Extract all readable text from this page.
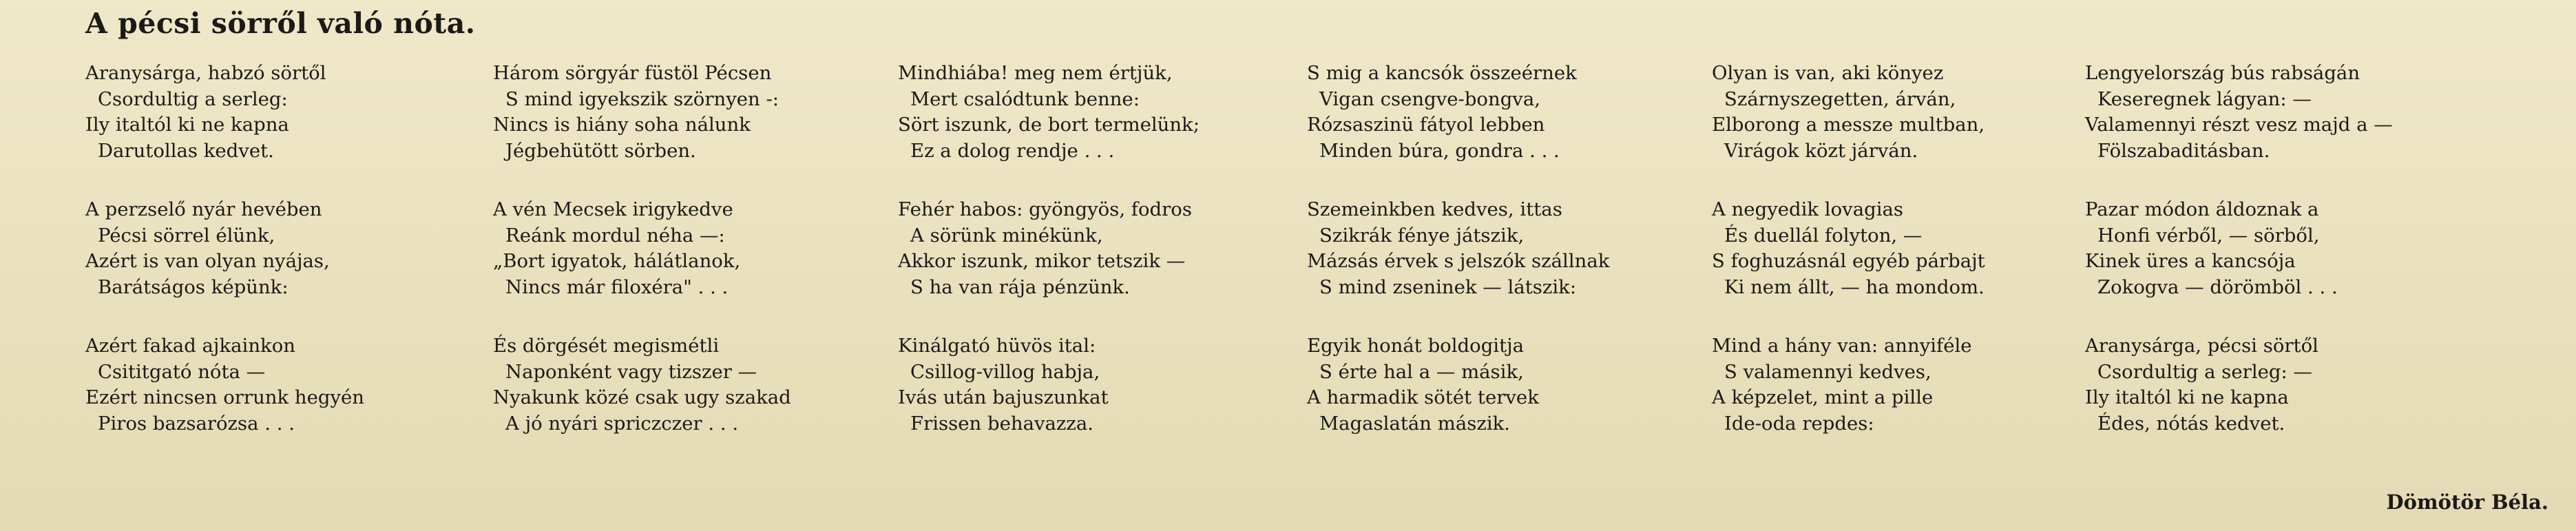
A pécsi sörről való nóta.
Aranysárga, habzó sörtől
Csordultig a serleg:
Ily italtól ki ne kapna
Darutollas kedvet.
A perzselő nyár hevében
Pécsi sörrel élünk,
Azért is van olyan nyájas,
Barátságos képünk:
Azért fakad ajkainkon
Csititgató nóta —
Ezért nincsen orrunk hegyén
Piros bazsarózsa . . .
Három sörgyár füstöl Pécsen
S mind igyekszik szörnyen -:
Nincs is hiány soha nálunk
Jégbehütött sörben.
A vén Mecsek irigykedve
Reánk mordul néha —:
„Bort igyatok, hálátlanok,
Nincs már filoxéra" . . .
És dörgését megismétli
Naponként vagy tizszer —
Nyakunk közé csak ugy szakad
A jó nyári spriczczer . . .
Mindhiába! meg nem értjük,
Mert csalódtunk benne:
Sört iszunk, de bort termelünk;
Ez a dolog rendje . . .
Fehér habos: gyöngyös, fodros
A sörünk minékünk,
Akkor iszunk, mikor tetszik —
S ha van rája pénzünk.
Kinálgató hüvös ital:
Csillog-villog habja,
Ivás után bajuszunkat
Frissen behavazza.
S mig a kancsók összeérnek
Vigan csengve-bongva,
Rózsaszinü fátyol lebben
Minden búra, gondra . . .
Szemeinkben kedves, ittas
Szikrák fénye játszik,
Mázsás érvek s jelszók szállnak
S mind zseninek — látszik:
Egyik honát boldogitja
S érte hal a — másik,
A harmadik sötét tervek
Magaslatán mászik.
Olyan is van, aki könyez
Szárnyszegetten, árván,
Elborong a messze multban,
Virágok közt járván.
A negyedik lovagias
És duellál folyton, —
S foghuzásnál egyéb párbajt
Ki nem állt, — ha mondom.
Mind a hány van: annyiféle
S valamennyi kedves,
A képzelet, mint a pille
Ide-oda repdes:
Lengyelország bús rabságán
Keseregnek lágyan: —
Valamennyi részt vesz majd a —
Fölszabaditásban.
Pazar módon áldoznak a
Honfi vérből, — sörből,
Kinek üres a kancsója
Zokogva — dörömböl . . .
Aranysárga, pécsi sörtől
Csordultig a serleg: —
Ily italtól ki ne kapna
Édes, nótás kedvet.
Dömötör Béla.
